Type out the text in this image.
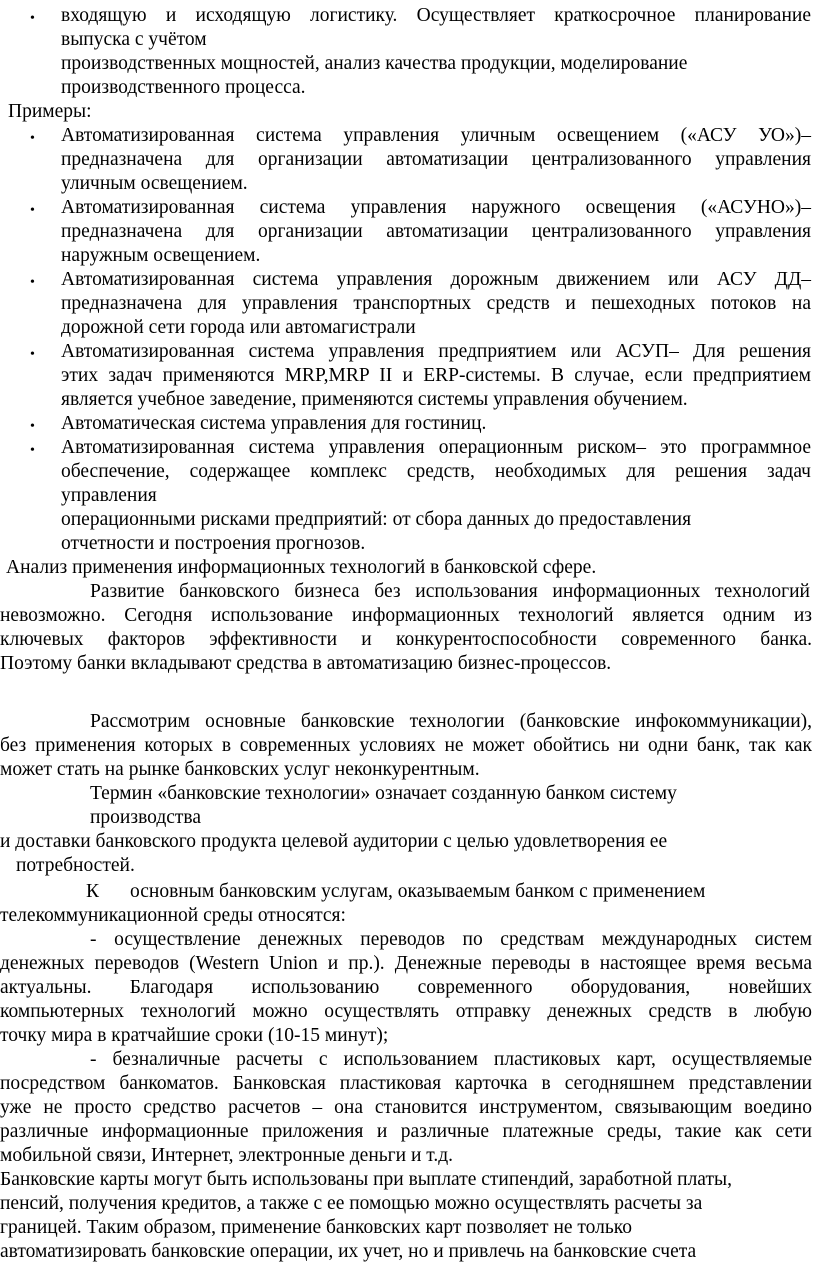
• входящую и исходящую логистику. Осуществляет краткосрочное планирование
выпуска с учётом
производственных мощностей, анализ качества продукции, моделирование
производственного процесса.
Примеры:
• Автоматизированная система управления уличным освещением («АСУ УО»)–
предназначена для организации автоматизации централизованного управления
уличным освещением.
• Автоматизированная система управления наружного освещения («АСУНО»)–
предназначена для организации автоматизации централизованного управления
наружным освещением.
• Автоматизированная система управления дорожным движением или АСУ ДД–
предназначена для управления транспортных средств и пешеходных потоков на
дорожной сети города или автомагистрали
• Автоматизированная система управления предприятием или АСУП– Для решения
этих задач применяются MRP,MRP II и ERP-системы. В случае, если предприятием
является учебное заведение, применяются системы управления обучением.
• Автоматическая система управления для гостиниц.
• Автоматизированная система управления операционным риском– это программное
обеспечение, содержащее комплекс средств, необходимых для решения задач
управления
операционными рисками предприятий: от сбора данных до предоставления
отчетности и построения прогнозов.
Анализ применения информационных технологий в банковской сфере.
Развитие банковского бизнеса без использования информационных технологий
невозможно. Сегодня использование информационных технологий является одним из
ключевых факторов эффективности и конкурентоспособности современного банка.
Поэтому банки вкладывают средства в автоматизацию бизнес-процессов.
Рассмотрим основные банковские технологии (банковские инфокоммуникации),
без применения которых в современных условиях не может обойтись ни одни банк, так как
может стать на рынке банковских услуг неконкурентным.
Термин «банковские технологии» означает созданную банком систему
производства
и доставки банковского продукта целевой аудитории с целью удовлетворения ее
потребностей.
К основным банковским услугам, оказываемым банком с применением
телекоммуникационной среды относятся:
- осуществление денежных переводов по средствам международных систем
денежных переводов (Western Union и пр.). Денежные переводы в настоящее время весьма
актуальны. Благодаря использованию современного оборудования, новейших
компьютерных технологий можно осуществлять отправку денежных средств в любую
точку мира в кратчайшие сроки (10-15 минут);
- безналичные расчеты с использованием пластиковых карт, осуществляемые
посредством банкоматов. Банковская пластиковая карточка в сегодняшнем представлении
уже не просто средство расчетов – она становится инструментом, связывающим воедино
различные информационные приложения и различные платежные среды, такие как сети
мобильной связи, Интернет, электронные деньги и т.д.
Банковские карты могут быть использованы при выплате стипендий, заработной платы,
пенсий, получения кредитов, а также с ее помощью можно осуществлять расчеты за
границей. Таким образом, применение банковских карт позволяет не только
автоматизировать банковские операции, их учет, но и привлечь на банковские счета
